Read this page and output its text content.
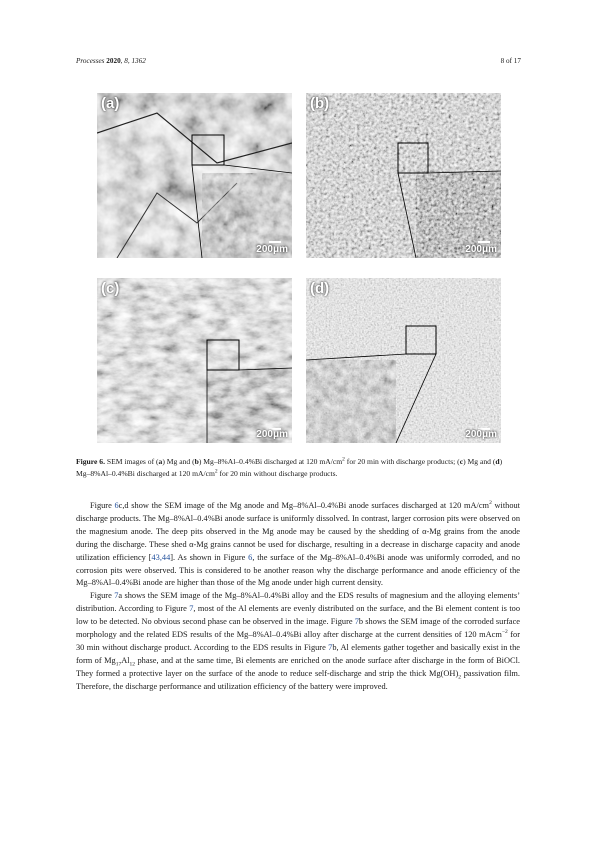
Processes 2020, 8, 1362	8 of 17
(a)
200μm
(b)
200μm
(c)
200μm
(d)
200μm
Figure 6. SEM images of (a) Mg and (b) Mg–8%Al–0.4%Bi discharged at 120 $mA/cm^2$ for 20 min with discharge products; (c) Mg and (d) Mg–8%Al–0.4%Bi discharged at 120 $mA/cm^2$ for 20 min without discharge products.

Figure 6c,d show the SEM image of the Mg anode and Mg–8%Al–0.4%Bi anode surfaces discharged at 120 $mA/cm^2$ without discharge products. The Mg–8%Al–0.4%Bi anode surface is uniformly dissolved. In contrast, larger corrosion pits were observed on the magnesium anode. The deep pits observed in the Mg anode may be caused by the shedding of α-Mg grains from the anode during the discharge. These shed α-Mg grains cannot be used for discharge, resulting in a decrease in discharge capacity and anode utilization efficiency [43,44]. As shown in Figure 6, the surface of the Mg–8%Al–0.4%Bi anode was uniformly corroded, and no corrosion pits were observed. This is considered to be another reason why the discharge performance and anode efficiency of the Mg–8%Al–0.4%Bi anode are higher than those of the Mg anode under high current density.

Figure 7a shows the SEM image of the Mg–8%Al–0.4%Bi alloy and the EDS results of magnesium and the alloying elements’ distribution. According to Figure 7, most of the Al elements are evenly distributed on the surface, and the Bi element content is too low to be detected. No obvious second phase can be observed in the image. Figure 7b shows the SEM image of the corroded surface morphology and the related EDS results of the Mg–8%Al–0.4%Bi alloy after discharge at the current densities of 120 mAcm$^{-2}$ for 30 min without discharge product. According to the EDS results in Figure 7b, Al elements gather together and basically exist in the form of $Mg_{17}Al_{12}$ phase, and at the same time, Bi elements are enriched on the anode surface after discharge in the form of BiOCl. They formed a protective layer on the surface of the anode to reduce self-discharge and strip the thick $Mg(OH)_2$ passivation film. Therefore, the discharge performance and utilization efficiency of the battery were improved.
